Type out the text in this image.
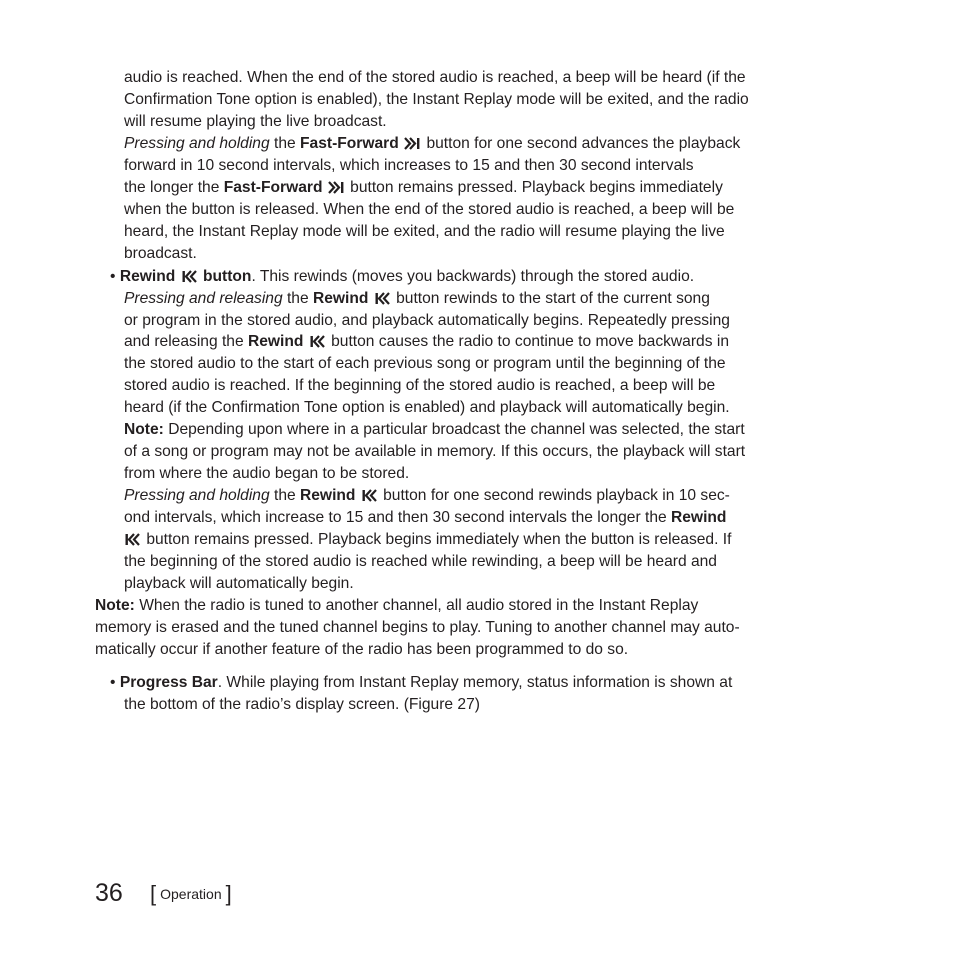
audio is reached. When the end of the stored audio is reached, a beep will be heard (if the
Confirmation Tone option is enabled), the Instant Replay mode will be exited, and the radio
will resume playing the live broadcast.
Pressing and holding the Fast-Forward
button for one second advances the playback
forward in 10 second intervals, which increases to 15 and then 30 second intervals
the longer the Fast-Forward
button remains pressed. Playback begins immediately
when the button is released. When the end of the stored audio is reached, a beep will be
heard, the Instant Replay mode will be exited, and the radio will resume playing the live
broadcast.
• Rewind button. This rewinds (moves you backwards) through the stored audio.
Pressing and releasing the Rewind
button rewinds to the start of the current song
or program in the stored audio, and playback automatically begins. Repeatedly pressing
and releasing the Rewind
button causes the radio to continue to move backwards in
the stored audio to the start of each previous song or program until the beginning of the
stored audio is reached. If the beginning of the stored audio is reached, a beep will be
heard (if the Confirmation Tone option is enabled) and playback will automatically begin.
Note: Depending upon where in a particular broadcast the channel was selected, the start
of a song or program may not be available in memory. If this occurs, the playback will start
from where the audio began to be stored.
Pressing and holding the Rewind
button for one second rewinds playback in 10 sec-
ond intervals, which increase to 15 and then 30 second intervals the longer the Rewind
button remains pressed. Playback begins immediately when the button is released. If
the beginning of the stored audio is reached while rewinding, a beep will be heard and
playback will automatically begin.
Note: When the radio is tuned to another channel, all audio stored in the Instant Replay
memory is erased and the tuned channel begins to play. Tuning to another channel may auto-
matically occur if another feature of the radio has been programmed to do so.
• Progress Bar. While playing from Instant Replay memory, status information is shown at
the bottom of the radio’s display screen. (Figure 27)
36 [ Operation ]
